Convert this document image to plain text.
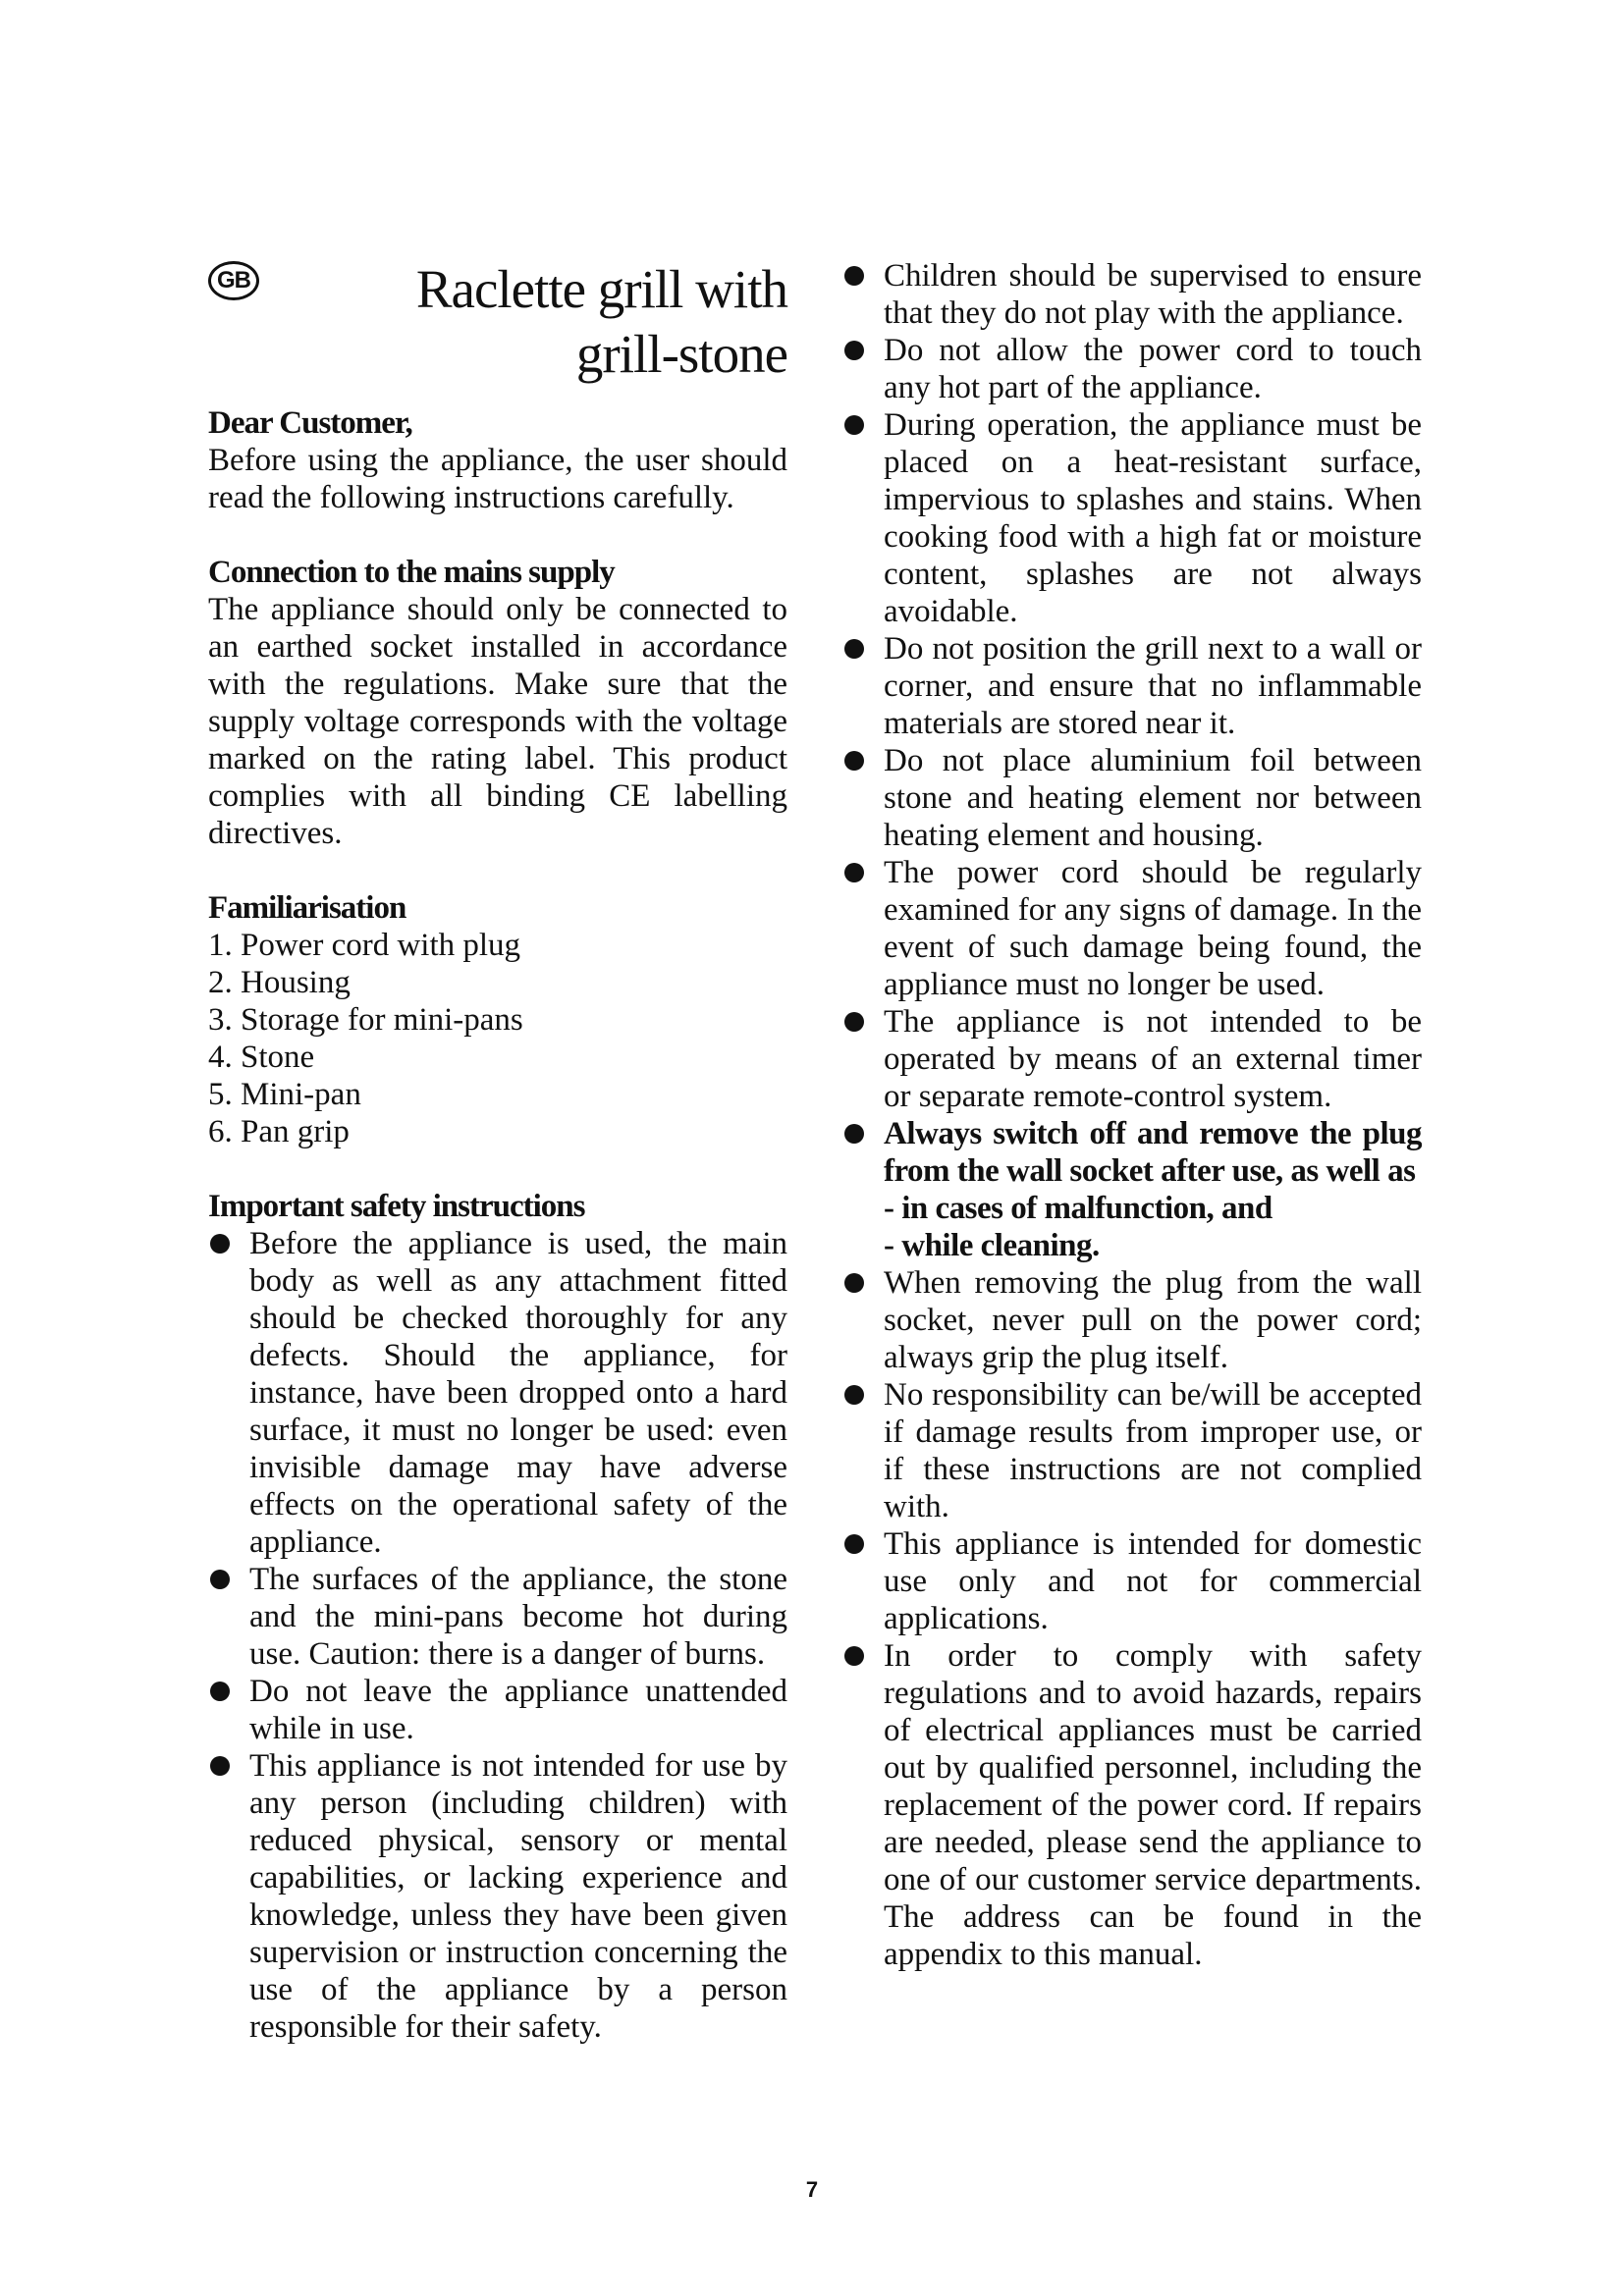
GB	Raclette grill with
grill-stone

Dear Customer,

Before using the appliance, the user should read the following instructions carefully.

Connection to the mains supply

The appliance should only be connected to an earthed socket installed in accordance with the regulations. Make sure that the supply voltage corresponds with the voltage marked on the rating label. This product complies with all binding CE labelling directives.

Familiarisation

1. Power cord with plug
2. Housing
3. Storage for mini-pans
4. Stone
5. Mini-pan
6. Pan grip

Important safety instructions

Before the appliance is used, the main body as well as any attachment fitted should be checked thoroughly for any defects. Should the appliance, for instance, have been dropped onto a hard surface, it must no longer be used: even invisible damage may have adverse effects on the operational safety of the appliance.
The surfaces of the appliance, the stone and the mini-pans become hot during use. Caution: there is a danger of burns.
Do not leave the appliance unattended while in use.
This appliance is not intended for use by any person (including children) with reduced physical, sensory or mental capabilities, or lacking experience and knowledge, unless they have been given supervision or instruction concerning the use of the appliance by a person responsible for their safety.
Children should be supervised to ensure that they do not play with the appliance.
Do not allow the power cord to touch any hot part of the appliance.
During operation, the appliance must be placed on a heat-resistant surface, impervious to splashes and stains. When cooking food with a high fat or moisture content, splashes are not always avoidable.
Do not position the grill next to a wall or corner, and ensure that no inflammable materials are stored near it.
Do not place aluminium foil between stone and heating element nor between heating element and housing.
The power cord should be regularly examined for any signs of damage. In the event of such damage being found, the appliance must no longer be used.
The appliance is not intended to be operated by means of an external timer or separate remote-control system.
Always switch off and remove the plug from the wall socket after use, as well as
- in cases of malfunction, and
- while cleaning.
When removing the plug from the wall socket, never pull on the power cord; always grip the plug itself.
No responsibility can be/will be accepted if damage results from improper use, or if these instructions are not complied with.
This appliance is intended for domestic use only and not for commercial applications.
In order to comply with safety regulations and to avoid hazards, repairs of electrical appliances must be carried out by qualified personnel, including the replacement of the power cord. If repairs are needed, please send the appliance to one of our customer service departments. The address can be found in the appendix to this manual.
7
